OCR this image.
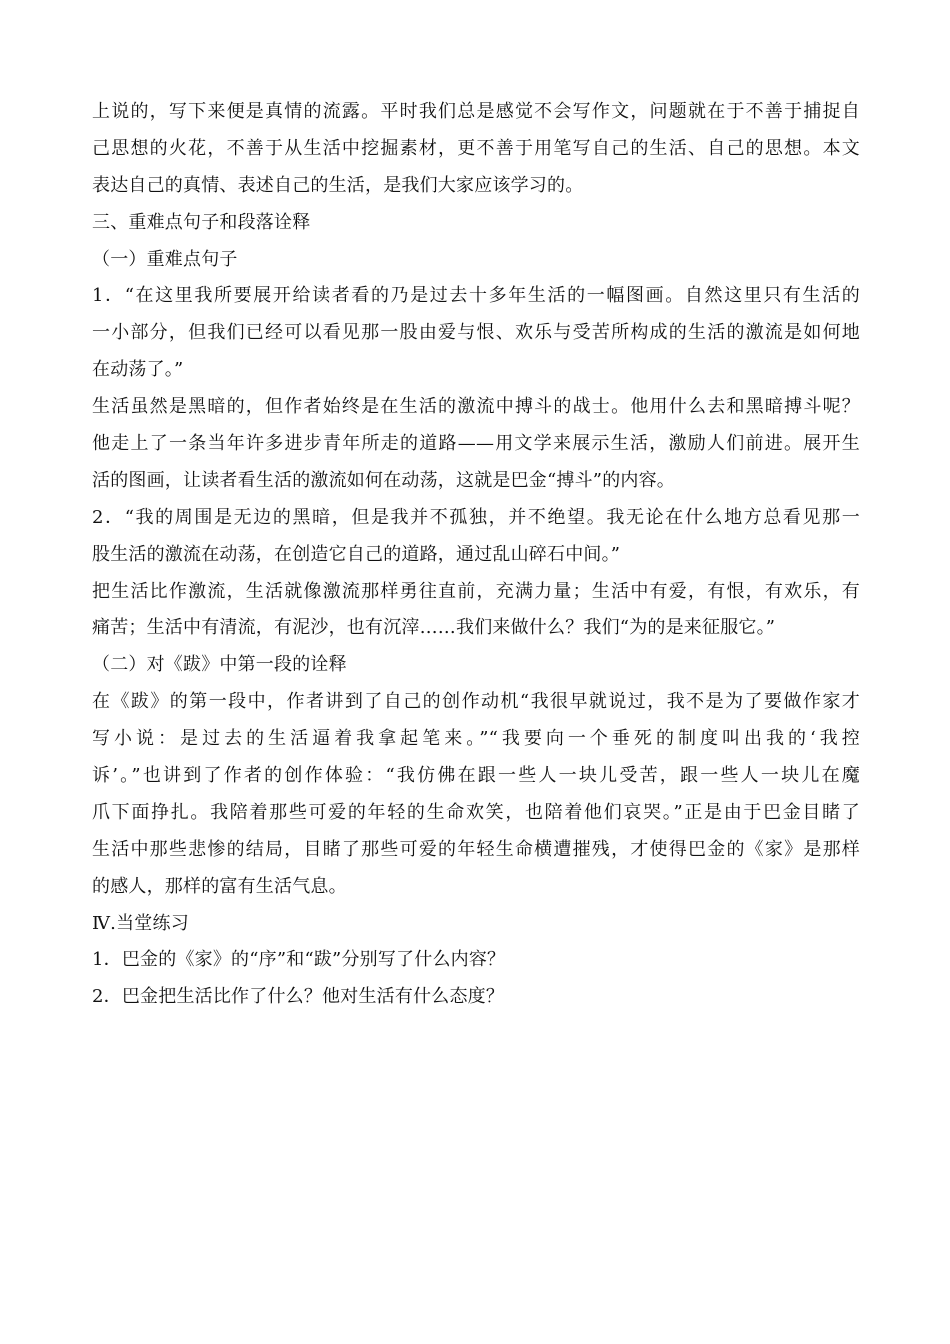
上说的，写下来便是真情的流露。平时我们总是感觉不会写作文，问题就在于不善于捕捉自
己思想的火花，不善于从生活中挖掘素材，更不善于用笔写自己的生活、自己的思想。本文
表达自己的真情、表述自己的生活，是我们大家应该学习的。
三、重难点句子和段落诠释
（一）重难点句子
1．“在这里我所要展开给读者看的乃是过去十多年生活的一幅图画。自然这里只有生活的
一小部分，但我们已经可以看见那一股由爱与恨、欢乐与受苦所构成的生活的激流是如何地
在动荡了。”
生活虽然是黑暗的，但作者始终是在生活的激流中搏斗的战士。他用什么去和黑暗搏斗呢？
他走上了一条当年许多进步青年所走的道路——用文学来展示生活，激励人们前进。展开生
活的图画，让读者看生活的激流如何在动荡，这就是巴金“搏斗”的内容。
2．“我的周围是无边的黑暗，但是我并不孤独，并不绝望。我无论在什么地方总看见那一
股生活的激流在动荡，在创造它自己的道路，通过乱山碎石中间。”
把生活比作激流，生活就像激流那样勇往直前，充满力量；生活中有爱，有恨，有欢乐，有
痛苦；生活中有清流，有泥沙，也有沉滓……我们来做什么？我们“为的是来征服它。”
（二）对《跋》中第一段的诠释
在《跋》的第一段中，作者讲到了自己的创作动机“我很早就说过，我不是为了要做作家才
写小说：是过去的生活逼着我拿起笔来。”“我要向一个垂死的制度叫出我的‘我控
诉’。”也讲到了作者的创作体验：“我仿佛在跟一些人一块儿受苦，跟一些人一块儿在魔
爪下面挣扎。我陪着那些可爱的年轻的生命欢笑，也陪着他们哀哭。”正是由于巴金目睹了
生活中那些悲惨的结局，目睹了那些可爱的年轻生命横遭摧残，才使得巴金的《家》是那样
的感人，那样的富有生活气息。
Ⅳ.当堂练习
1．巴金的《家》的“序”和“跋”分别写了什么内容？
2．巴金把生活比作了什么？他对生活有什么态度？
